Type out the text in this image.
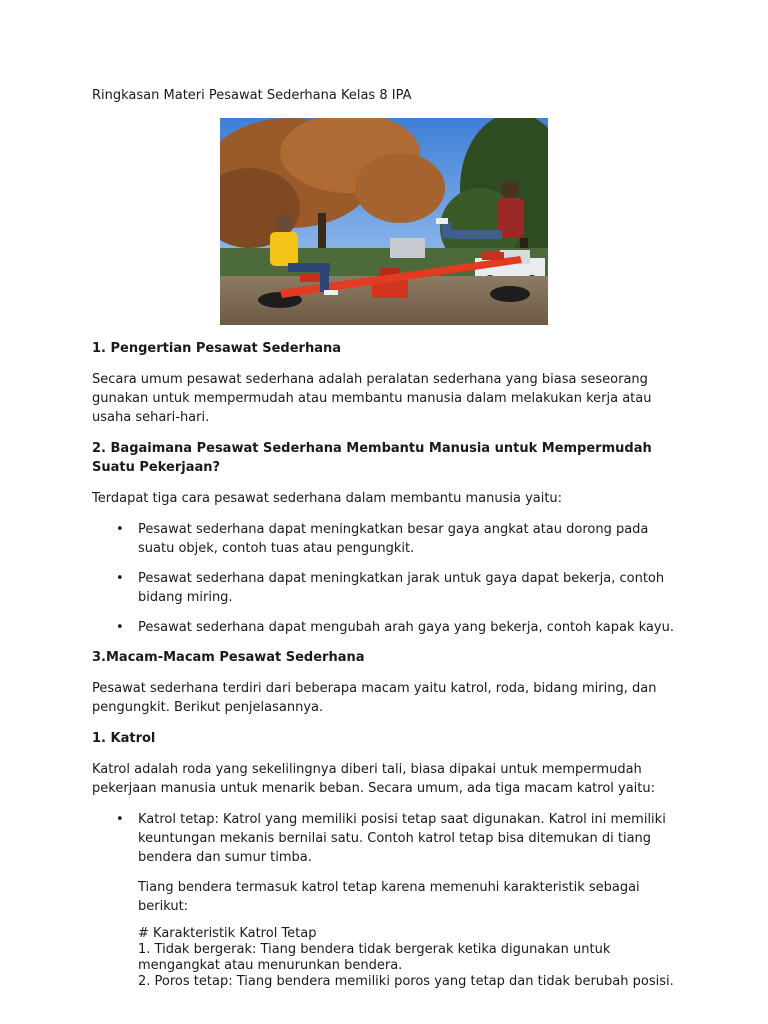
Ringkasan Materi Pesawat Sederhana Kelas 8 IPA

1. Pengertian Pesawat Sederhana

Secara umum pesawat sederhana adalah peralatan sederhana yang biasa seseorang gunakan untuk mempermudah atau membantu manusia dalam melakukan kerja atau usaha sehari-hari.

2. Bagaimana Pesawat Sederhana Membantu Manusia untuk Mempermudah Suatu Pekerjaan?

Terdapat tiga cara pesawat sederhana dalam membantu manusia yaitu:

• Pesawat sederhana dapat meningkatkan besar gaya angkat atau dorong pada suatu objek, contoh tuas atau pengungkit.
• Pesawat sederhana dapat meningkatkan jarak untuk gaya dapat bekerja, contoh bidang miring.
• Pesawat sederhana dapat mengubah arah gaya yang bekerja, contoh kapak kayu.
3.Macam-Macam Pesawat Sederhana

Pesawat sederhana terdiri dari beberapa macam yaitu katrol, roda, bidang miring, dan pengungkit. Berikut penjelasannya.

1. Katrol

Katrol adalah roda yang sekelilingnya diberi tali, biasa dipakai untuk mempermudah pekerjaan manusia untuk menarik beban. Secara umum, ada tiga macam katrol yaitu:

• Katrol tetap: Katrol yang memiliki posisi tetap saat digunakan. Katrol ini memiliki keuntungan mekanis bernilai satu. Contoh katrol tetap bisa ditemukan di tiang bendera dan sumur timba.

Tiang bendera termasuk katrol tetap karena memenuhi karakteristik sebagai berikut:

# Karakteristik Katrol Tetap
1. Tidak bergerak: Tiang bendera tidak bergerak ketika digunakan untuk mengangkat atau menurunkan bendera.
2. Poros tetap: Tiang bendera memiliki poros yang tetap dan tidak berubah posisi.
